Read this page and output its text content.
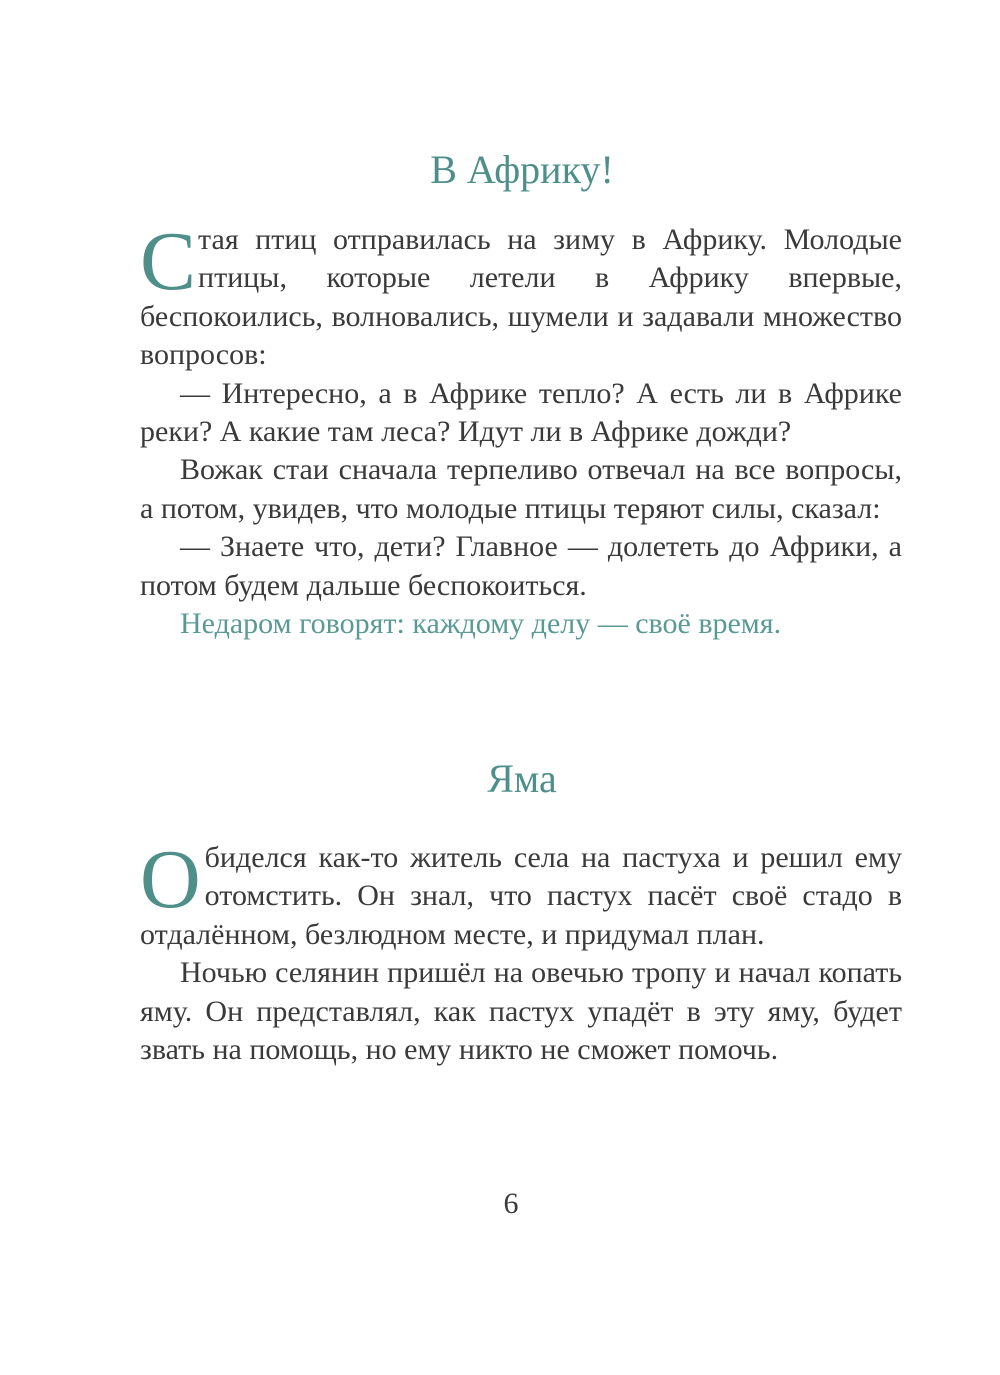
В Африку!

Стая птиц отправилась на зиму в Африку. Молодые птицы, которые летели в Африку впервые, беспокоились, волновались, шумели и задавали множество вопросов:

— Интересно, а в Африке тепло? А есть ли в Африке реки? А какие там леса? Идут ли в Африке дожди?

Вожак стаи сначала терпеливо отвечал на все вопросы, а потом, увидев, что молодые птицы теряют силы, сказал:

— Знаете что, дети? Главное — долететь до Африки, а потом будем дальше беспокоиться.

Недаром говорят: каждому делу — своё время.

Яма

Обиделся как-то житель села на пастуха и решил ему отомстить. Он знал, что пастух пасёт своё стадо в отдалённом, безлюдном месте, и придумал план.

Ночью селянин пришёл на овечью тропу и начал копать яму. Он представлял, как пастух упадёт в эту яму, будет звать на помощь, но ему никто не сможет помочь.

6
